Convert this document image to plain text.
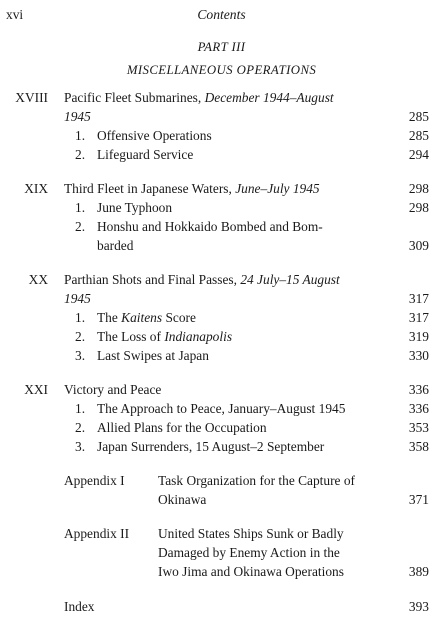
xvi	Contents
PART III
MISCELLANEOUS OPERATIONS
XVIII Pacific Fleet Submarines, December 1944–August
1945	285
1. Offensive Operations	285
2. Lifeguard Service	294
XIX Third Fleet in Japanese Waters, June–July 1945	298
1. June Typhoon	298
2. Honshu and Hokkaido Bombed and Bom-
barded	309
XX Parthian Shots and Final Passes, 24 July–15 August
1945	317
1. The Kaitens Score	317
2. The Loss of Indianapolis	319
3. Last Swipes at Japan	330
XXI Victory and Peace	336
1. The Approach to Peace, January–August 1945	336
2. Allied Plans for the Occupation	353
3. Japan Surrenders, 15 August–2 September	358
Appendix I Task Organization for the Capture of
Okinawa	371
Appendix II United States Ships Sunk or Badly
Damaged by Enemy Action in the
Iwo Jima and Okinawa Operations	389
Index	393
